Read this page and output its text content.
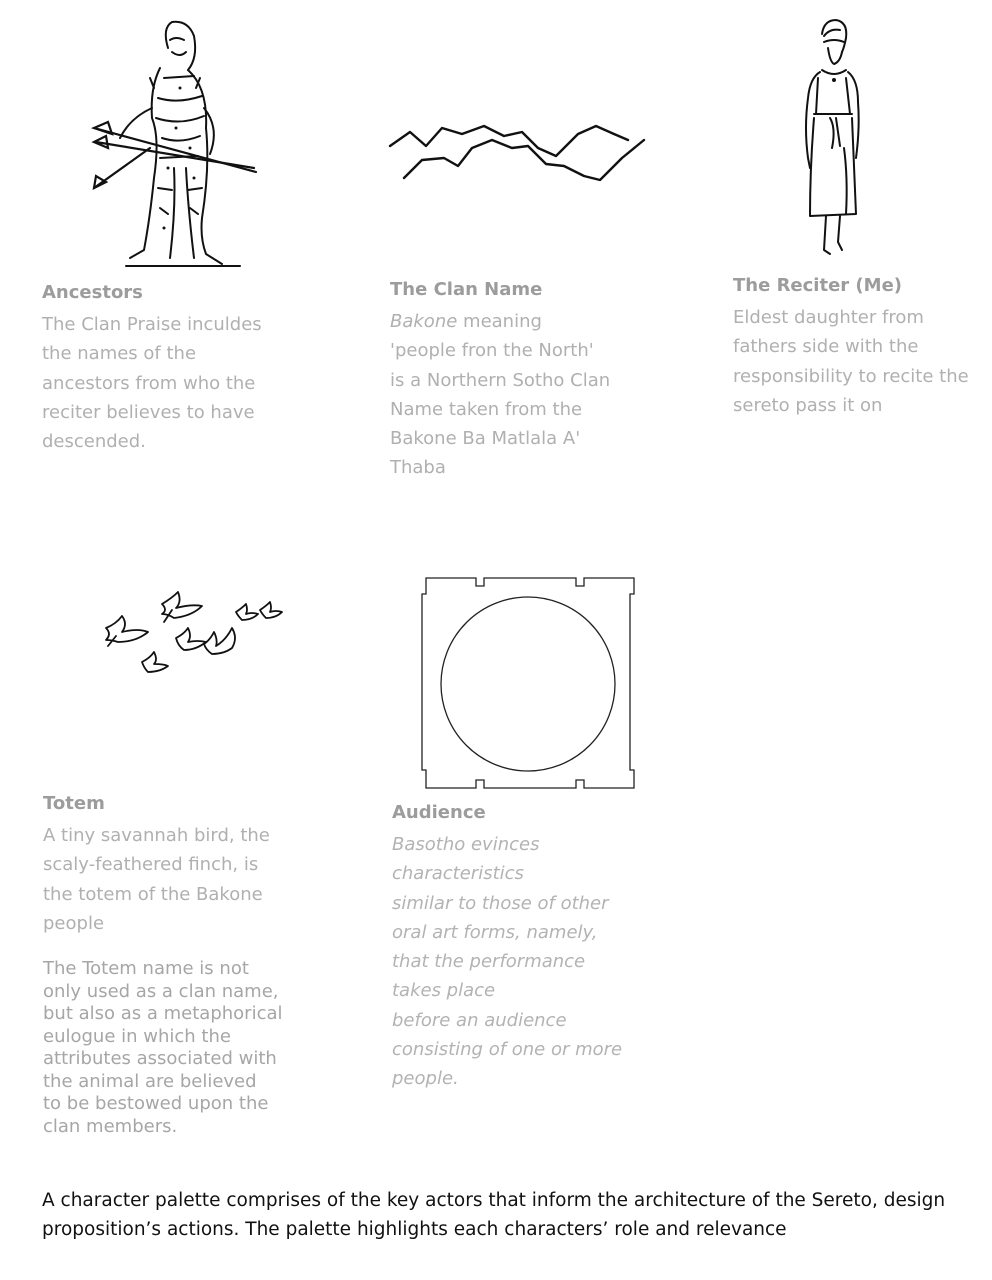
Ancestors
The Clan Praise inculdes
the names of the
ancestors from who the
reciter believes to have
descended.
The Clan Name
Bakone meaning
'people fron the North'
is a Northern Sotho Clan
Name taken from the
Bakone Ba Matlala A'
Thaba
The Reciter (Me)
Eldest daughter from
fathers side with the
responsibility to recite the
sereto pass it on
Totem
A tiny savannah bird, the
scaly-feathered finch, is
the totem of the Bakone
people
The Totem name is not
only used as a clan name,
but also as a metaphorical
eulogue in which the
attributes associated with
the animal are believed
to be bestowed upon the
clan members.
Audience
Basotho evinces
characteristics
similar to those of other
oral art forms, namely,
that the performance
takes place
before an audience
consisting of one or more
people.
A character palette comprises of the key actors that inform the architecture of the Sereto, design proposition’s actions. The palette highlights each characters’ role and relevance
